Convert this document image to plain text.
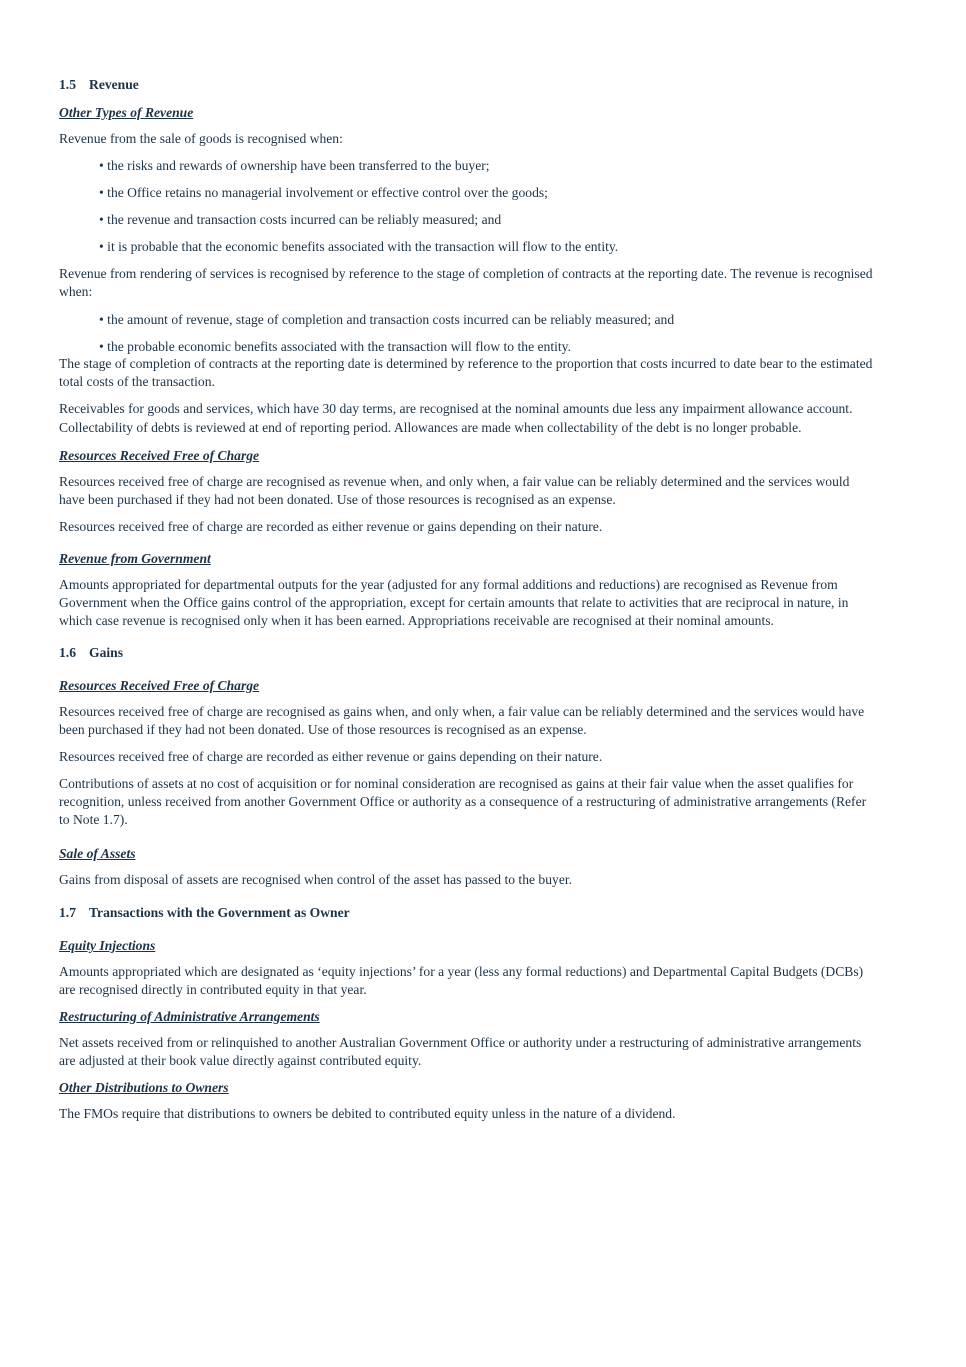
1.5 Revenue
Other Types of Revenue

Revenue from the sale of goods is recognised when:

• the risks and rewards of ownership have been transferred to the buyer;

• the Office retains no managerial involvement or effective control over the goods;

• the revenue and transaction costs incurred can be reliably measured; and

• it is probable that the economic benefits associated with the transaction will flow to the entity.

Revenue from rendering of services is recognised by reference to the stage of completion of contracts at the reporting date. The revenue is recognised when:

• the amount of revenue, stage of completion and transaction costs incurred can be reliably measured; and

• the probable economic benefits associated with the transaction will flow to the entity.

The stage of completion of contracts at the reporting date is determined by reference to the proportion that costs incurred to date bear to the estimated total costs of the transaction.

Receivables for goods and services, which have 30 day terms, are recognised at the nominal amounts due less any impairment allowance account. Collectability of debts is reviewed at end of reporting period. Allowances are made when collectability of the debt is no longer probable.

Resources Received Free of Charge

Resources received free of charge are recognised as revenue when, and only when, a fair value can be reliably determined and the services would have been purchased if they had not been donated. Use of those resources is recognised as an expense.

Resources received free of charge are recorded as either revenue or gains depending on their nature.

Revenue from Government

Amounts appropriated for departmental outputs for the year (adjusted for any formal additions and reductions) are recognised as Revenue from Government when the Office gains control of the appropriation, except for certain amounts that relate to activities that are reciprocal in nature, in which case revenue is recognised only when it has been earned. Appropriations receivable are recognised at their nominal amounts.

1.6 Gains
Resources Received Free of Charge

Resources received free of charge are recognised as gains when, and only when, a fair value can be reliably determined and the services would have been purchased if they had not been donated. Use of those resources is recognised as an expense.

Resources received free of charge are recorded as either revenue or gains depending on their nature.

Contributions of assets at no cost of acquisition or for nominal consideration are recognised as gains at their fair value when the asset qualifies for recognition, unless received from another Government Office or authority as a consequence of a restructuring of administrative arrangements (Refer to Note 1.7).

Sale of Assets

Gains from disposal of assets are recognised when control of the asset has passed to the buyer.

1.7 Transactions with the Government as Owner
Equity Injections

Amounts appropriated which are designated as ‘equity injections’ for a year (less any formal reductions) and Departmental Capital Budgets (DCBs) are recognised directly in contributed equity in that year.

Restructuring of Administrative Arrangements

Net assets received from or relinquished to another Australian Government Office or authority under a restructuring of administrative arrangements are adjusted at their book value directly against contributed equity.

Other Distributions to Owners

The FMOs require that distributions to owners be debited to contributed equity unless in the nature of a dividend.
